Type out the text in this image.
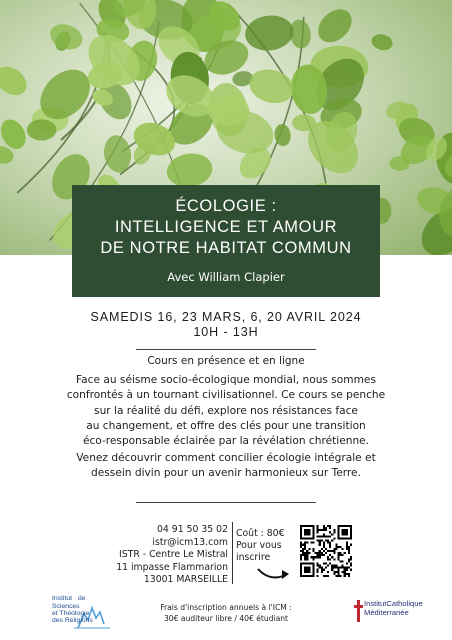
ÉCOLOGIE :
INTELLIGENCE ET AMOUR
DE NOTRE HABITAT COMMUN
Avec William Clapier
SAMEDIS 16, 23 MARS, 6, 20 AVRIL 2024
10H - 13H
Cours en présence et en ligne
Face au séisme socio-écologique mondial, nous sommes
confrontés à un tournant civilisationnel. Ce cours se penche
sur la réalité du défi, explore nos résistances face
au changement, et offre des clés pour une transition
éco-responsable éclairée par la révélation chrétienne.
Venez découvrir comment concilier écologie intégrale et
dessein divin pour un avenir harmonieux sur Terre.
04 91 50 35 02
istr@icm13.com
ISTR - Centre Le Mistral
11 impasse Flammarion
13001 MARSEILLE
Coût : 80€
Pour vous
inscrire
Institut de
Sciences
et Théologie
des Religions
Frais d'inscription annuels à l'ICM :
30€ auditeur libre / 40€ étudiant
InstitutCatholique
Méditerranée
